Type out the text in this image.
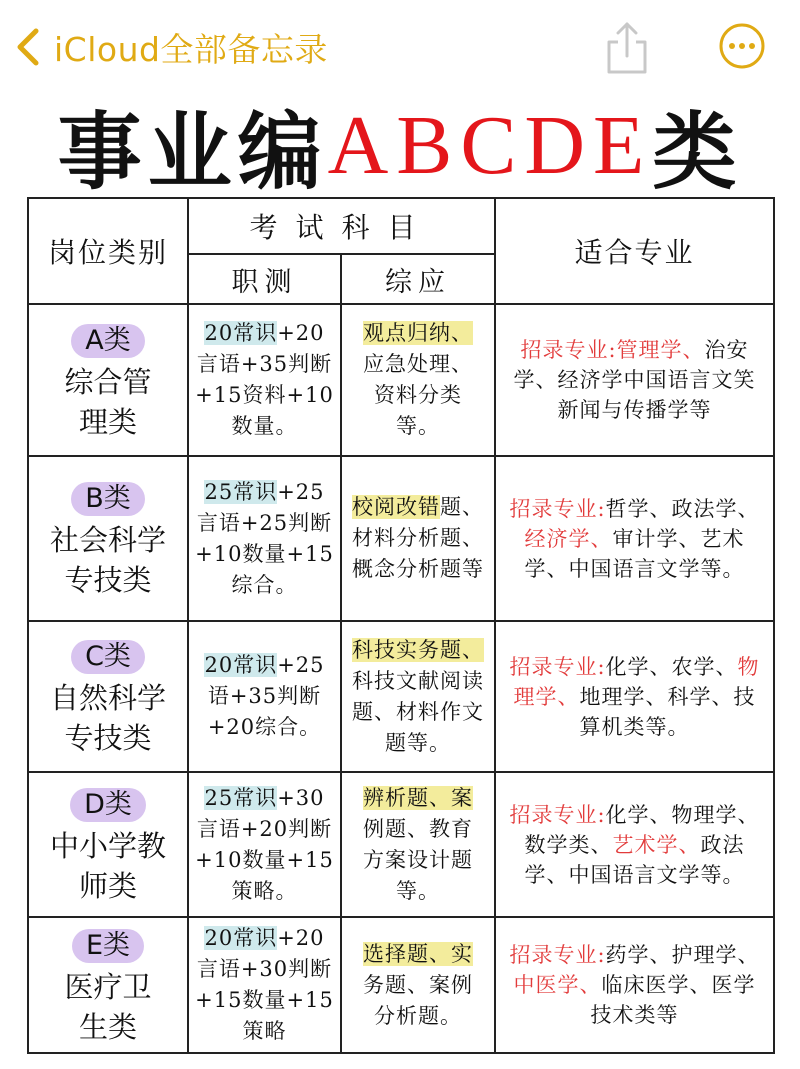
iCloud全部备忘录
事业编 ABCDE 类
岗位类别	考试科目		适合专业
	职测	综应	
A类
综合管
理类	20常识+20言语+35判断+15资料+10数量。	观点归纳、应急处理、资料分类等。	招录专业:管理学、治安学、经济学中国语言文笑新闻与传播学等
B类
社会科学
专技类	25常识+25言语+25判断+10数量+15综合。	校阅改错题、材料分析题、概念分析题等	招录专业:哲学、政法学、经济学、审计学、艺术学、中国语言文学等。
C类
自然科学
专技类	20常识+25语+35判断+20综合。	科技实务题、科技文献阅读题、材料作文题等。	招录专业:化学、农学、物理学、地理学、科学、技算机类等。
D类
中小学教
师类	25常识+30言语+20判断+10数量+15策略。	辨析题、案例题、教育方案设计题等。	招录专业:化学、物理学、数学类、艺术学、政法学、中国语言文学等。
E类
医疗卫
生类	20常识+20言语+30判断+15数量+15策略	选择题、实务题、案例分析题。	招录专业:药学、护理学、中医学、临床医学、医学技术类等
